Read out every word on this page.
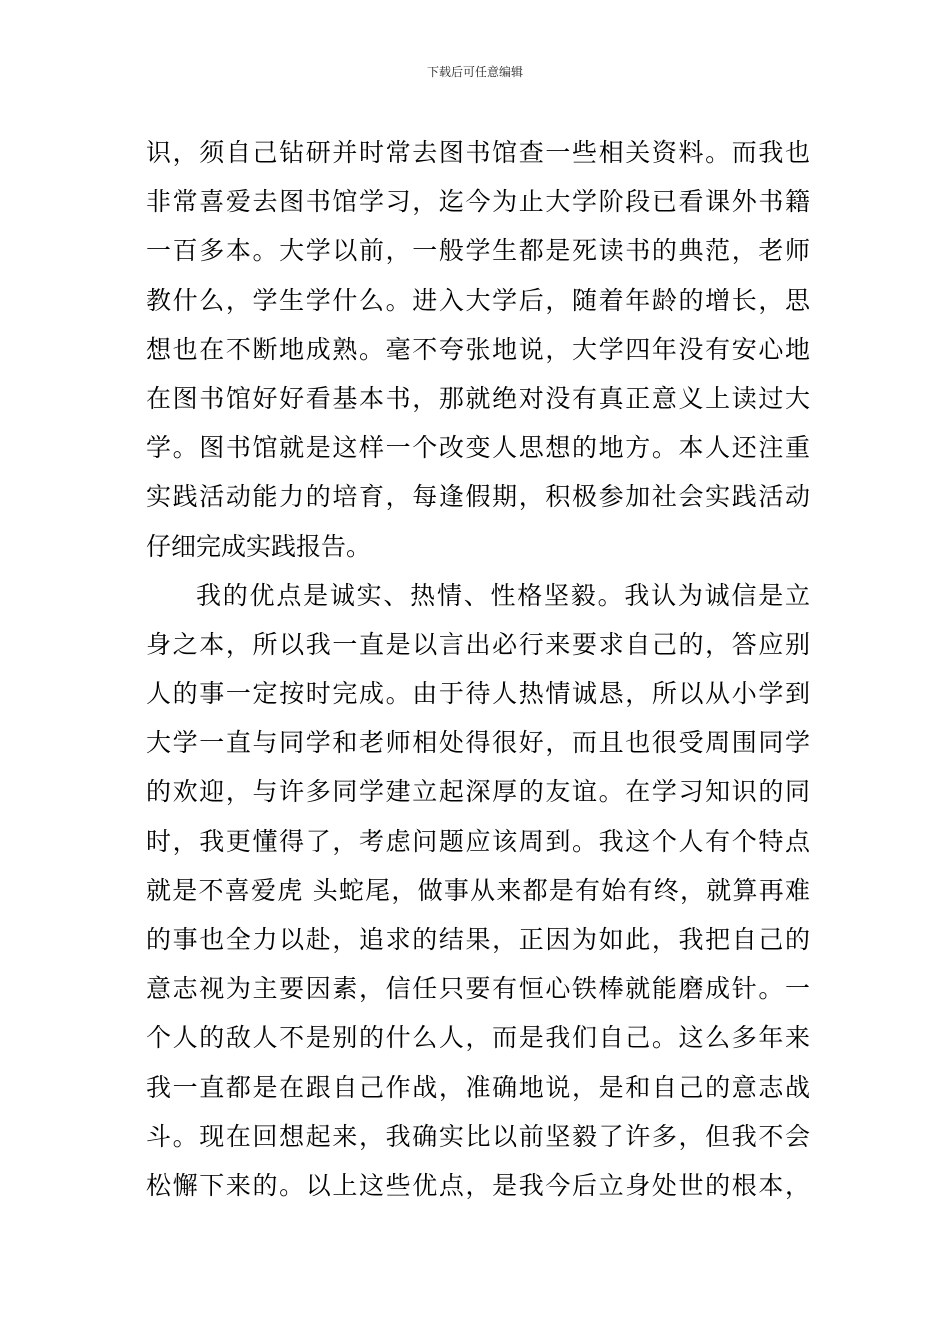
下载后可任意编辑
识，须自己钻研并时常去图书馆查一些相关资料。而我也
非常喜爱去图书馆学习，迄今为止大学阶段已看课外书籍
一百多本。大学以前，一般学生都是死读书的典范，老师
教什么，学生学什么。进入大学后，随着年龄的增长，思
想也在不断地成熟。毫不夸张地说，大学四年没有安心地
在图书馆好好看基本书，那就绝对没有真正意义上读过大
学。图书馆就是这样一个改变人思想的地方。本人还注重
实践活动能力的培育，每逢假期，积极参加社会实践活动
仔细完成实践报告。
我的优点是诚实、热情、性格坚毅。我认为诚信是立
身之本，所以我一直是以言出必行来要求自己的，答应别
人的事一定按时完成。由于待人热情诚恳，所以从小学到
大学一直与同学和老师相处得很好，而且也很受周围同学
的欢迎，与许多同学建立起深厚的友谊。在学习知识的同
时，我更懂得了，考虑问题应该周到。我这个人有个特点
就是不喜爱虎 头蛇尾，做事从来都是有始有终，就算再难
的事也全力以赴，追求的结果，正因为如此，我把自己的
意志视为主要因素，信任只要有恒心铁棒就能磨成针。一
个人的敌人不是别的什么人，而是我们自己。这么多年来
我一直都是在跟自己作战，准确地说，是和自己的意志战
斗。现在回想起来，我确实比以前坚毅了许多，但我不会
松懈下来的。以上这些优点，是我今后立身处世的根本，
